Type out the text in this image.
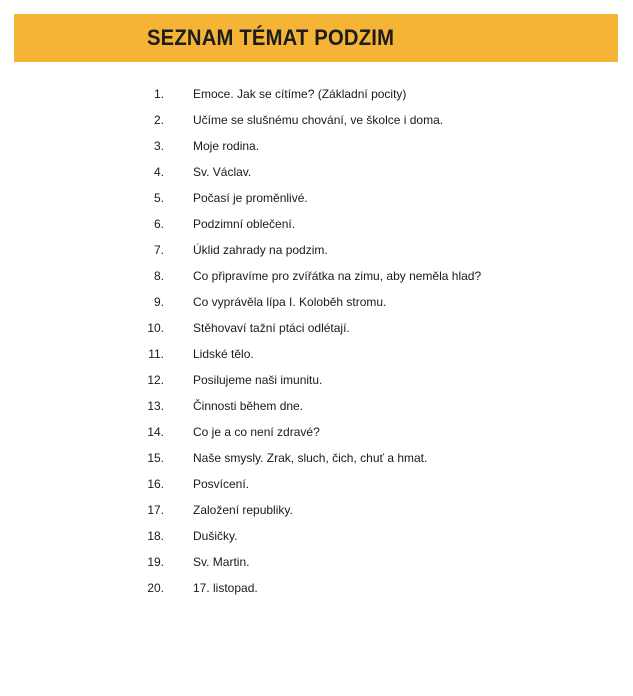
SEZNAM TÉMAT PODZIM
1. Emoce. Jak se cítíme? (Základní pocity)
2. Učíme se slušnému chování, ve školce i doma.
3. Moje rodina.
4. Sv. Václav.
5. Počasí je proměnlivé.
6. Podzimní oblečení.
7. Úklid zahrady na podzim.
8. Co připravíme pro zvířátka na zimu, aby neměla hlad?
9. Co vyprávěla lípa I. Koloběh stromu.
10. Stěhovaví tažní ptáci odlétají.
11. Lidské tělo.
12. Posilujeme naši imunitu.
13. Činnosti během dne.
14. Co je a co není zdravé?
15. Naše smysly. Zrak, sluch, čich, chuť a hmat.
16. Posvícení.
17. Založení republiky.
18. Dušičky.
19. Sv. Martin.
20. 17. listopad.
